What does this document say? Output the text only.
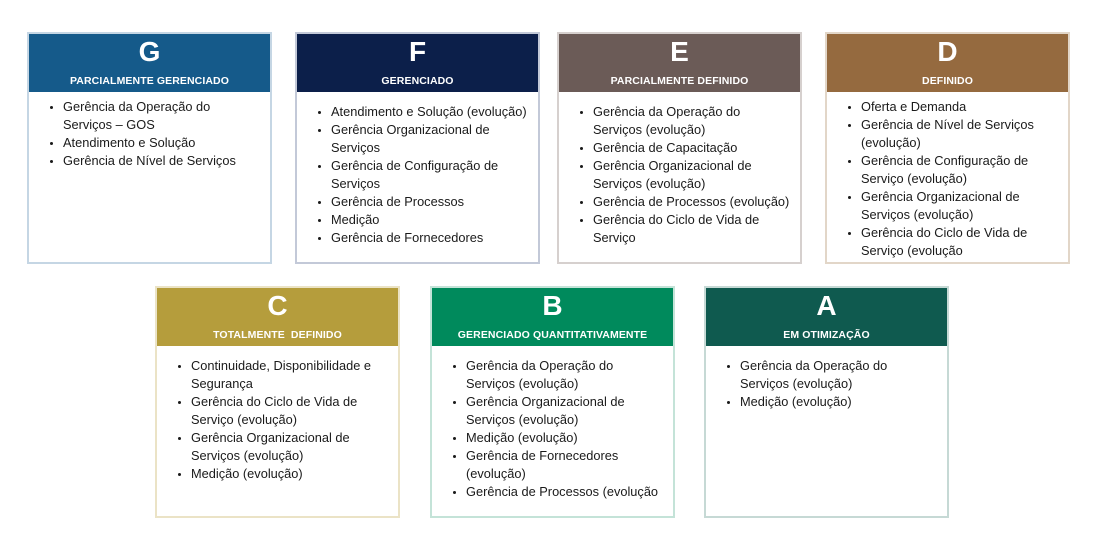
G
PARCIALMENTE GERENCIADO
• Gerência da Operação do Serviços – GOS
• Atendimento e Solução
• Gerência de Nível de Serviços
F
GERENCIADO
• Atendimento e Solução (evolução)
• Gerência Organizacional de Serviços
• Gerência de Configuração de Serviços
• Gerência de Processos
• Medição
• Gerência de Fornecedores
E
PARCIALMENTE DEFINIDO
• Gerência da Operação do Serviços (evolução)
• Gerência de Capacitação
• Gerência Organizacional de Serviços (evolução)
• Gerência de Processos (evolução)
• Gerência do Ciclo de Vida de Serviço
D
DEFINIDO
• Oferta e Demanda
• Gerência de Nível de Serviços (evolução)
• Gerência de Configuração de Serviço (evolução)
• Gerência Organizacional de Serviços (evolução)
• Gerência do Ciclo de Vida de Serviço (evolução
C
TOTALMENTE  DEFINIDO
• Continuidade, Disponibilidade e Segurança
• Gerência do Ciclo de Vida de Serviço (evolução)
• Gerência Organizacional de Serviços (evolução)
• Medição (evolução)
B
GERENCIADO QUANTITATIVAMENTE
• Gerência da Operação do Serviços (evolução)
• Gerência Organizacional de Serviços (evolução)
• Medição (evolução)
• Gerência de Fornecedores (evolução)
• Gerência de Processos (evolução
A
EM OTIMIZAÇÃO
• Gerência da Operação do Serviços (evolução)
• Medição (evolução)
